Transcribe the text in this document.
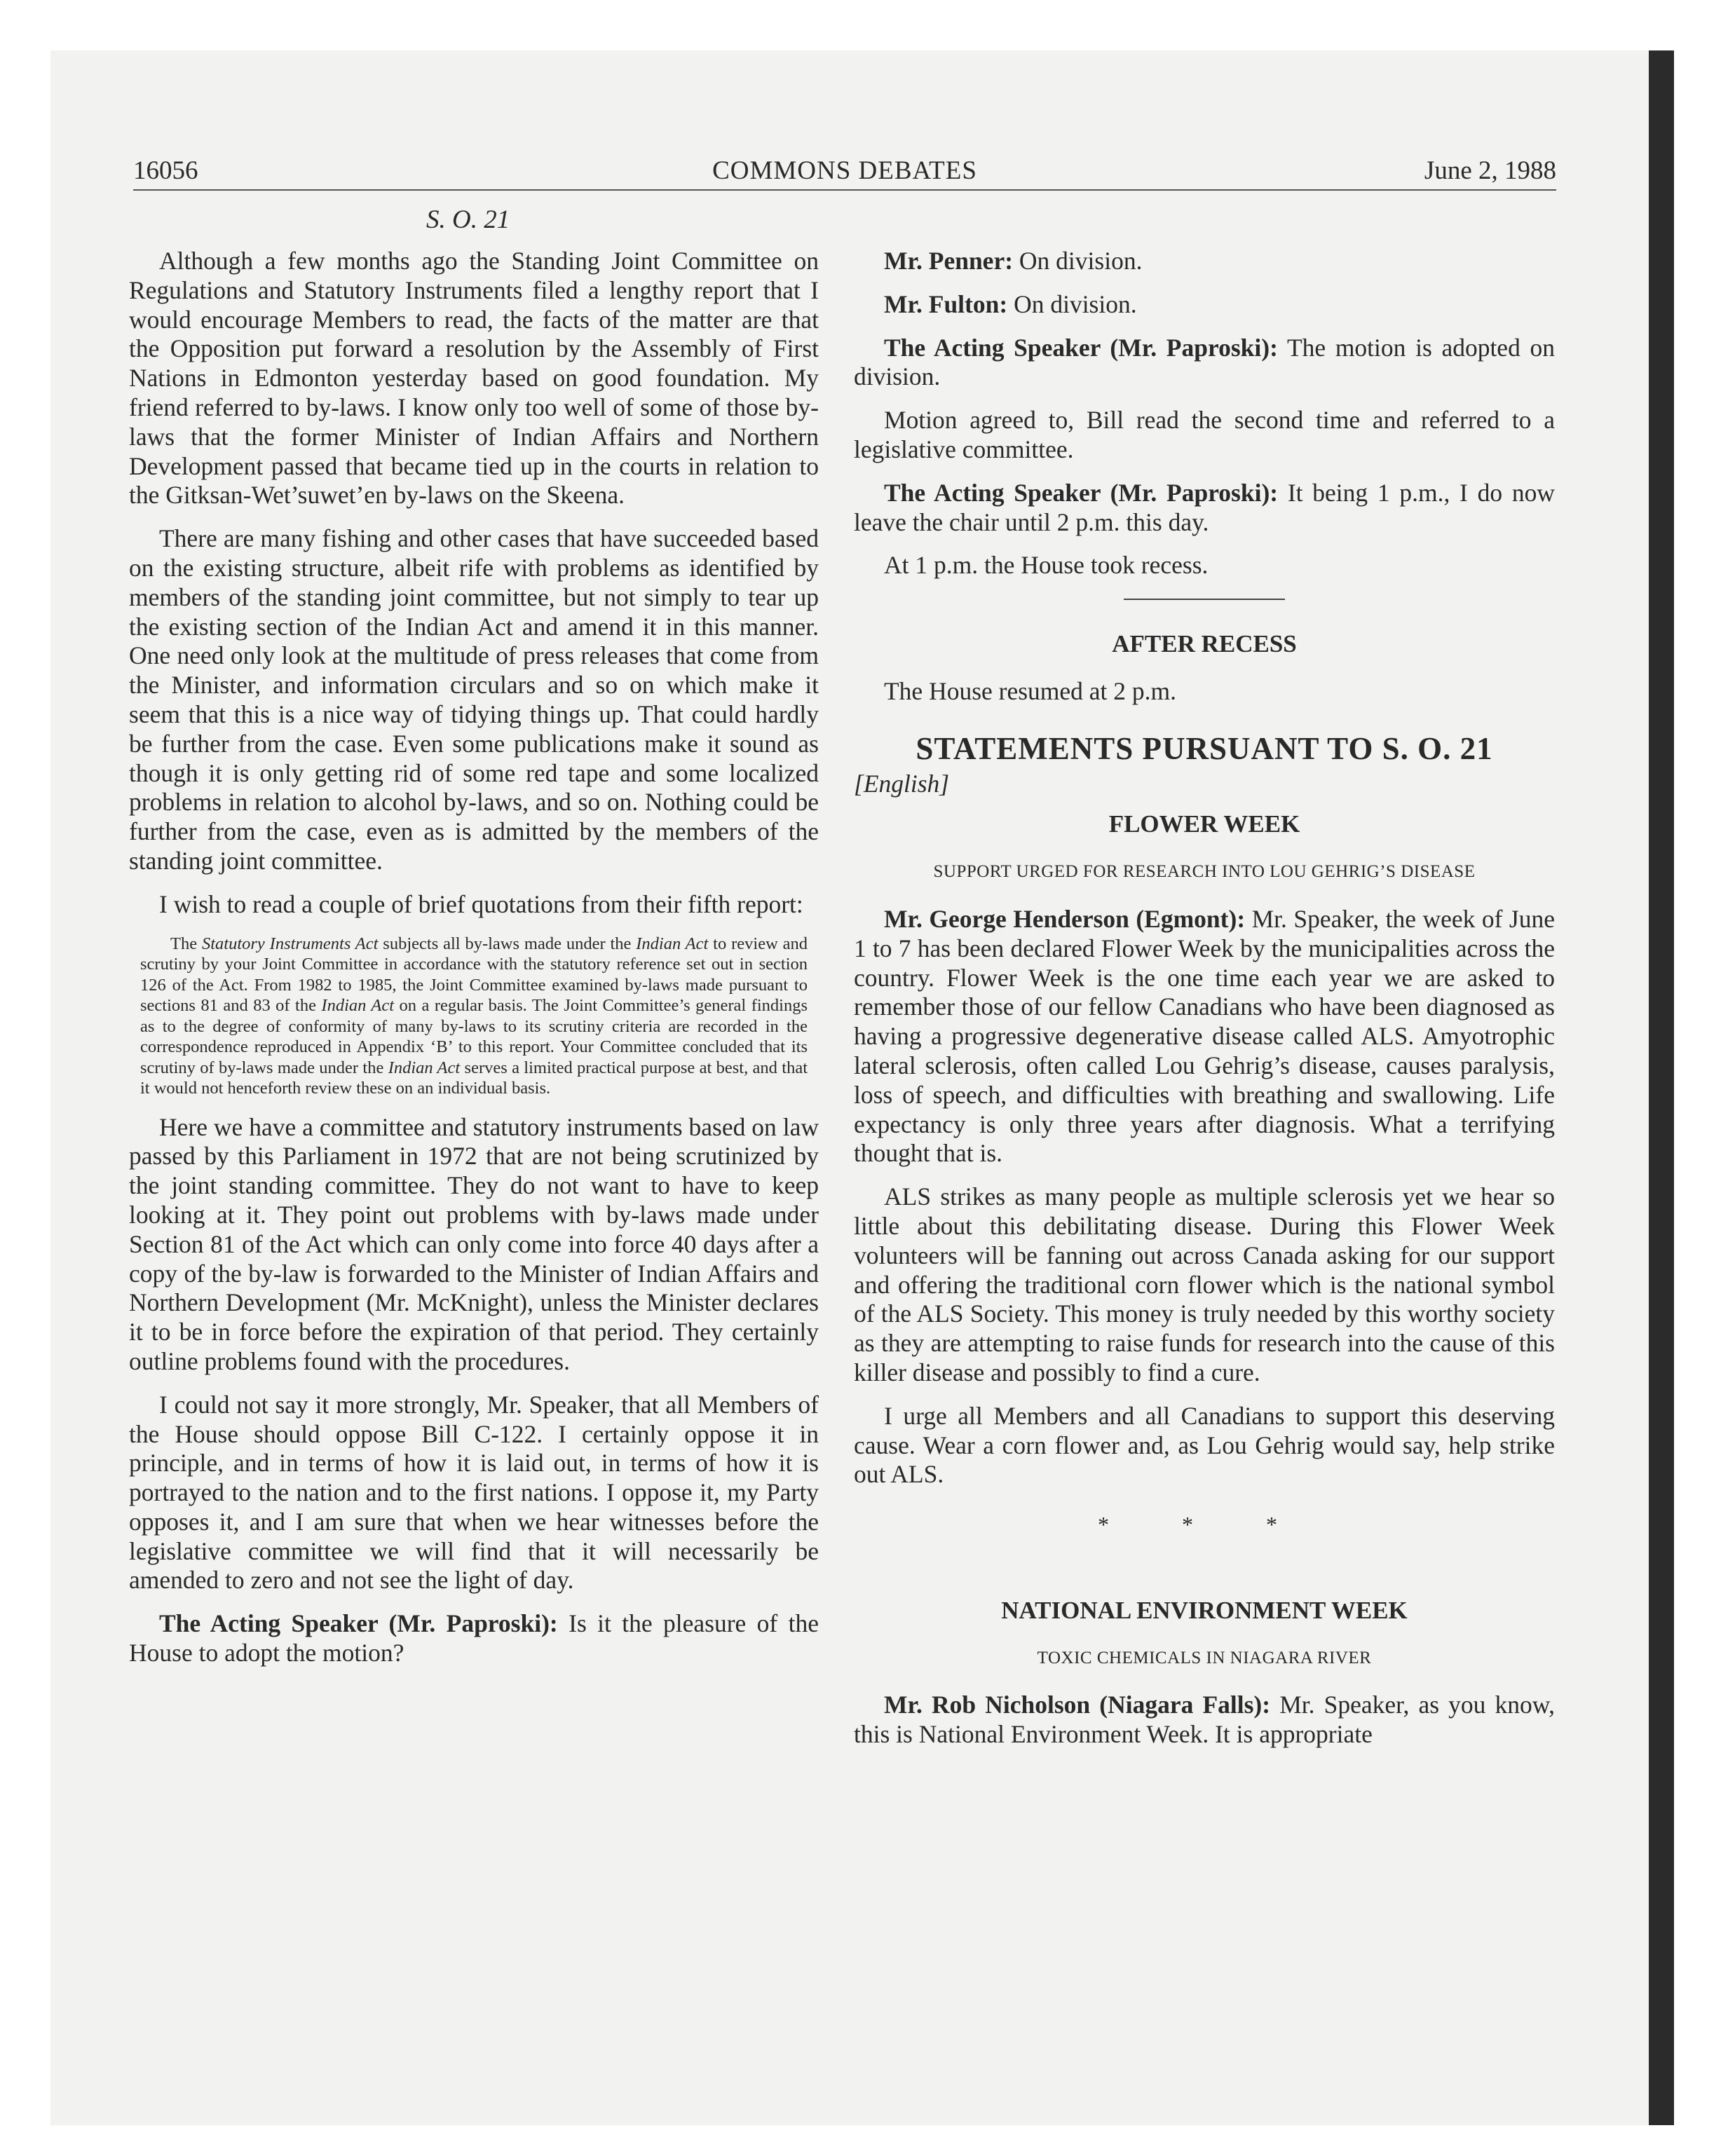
16056	COMMONS DEBATES	June 2, 1988
S. O. 21

Although a few months ago the Standing Joint Committee on Regulations and Statutory Instruments filed a lengthy report that I would encourage Members to read, the facts of the matter are that the Opposition put forward a resolution by the Assembly of First Nations in Edmonton yesterday based on good foundation. My friend referred to by-laws. I know only too well of some of those by-laws that the former Minister of Indian Affairs and Northern Development passed that became tied up in the courts in relation to the Gitksan-Wet’suwet’en by-laws on the Skeena.

There are many fishing and other cases that have succeeded based on the existing structure, albeit rife with problems as identified by members of the standing joint committee, but not simply to tear up the existing section of the Indian Act and amend it in this manner. One need only look at the multitude of press releases that come from the Minister, and information circulars and so on which make it seem that this is a nice way of tidying things up. That could hardly be further from the case. Even some publications make it sound as though it is only getting rid of some red tape and some localized problems in relation to alcohol by-laws, and so on. Nothing could be further from the case, even as is admitted by the members of the standing joint committee.

I wish to read a couple of brief quotations from their fifth report:

The Statutory Instruments Act subjects all by-laws made under the Indian Act to review and scrutiny by your Joint Committee in accordance with the statutory reference set out in section 126 of the Act. From 1982 to 1985, the Joint Committee examined by-laws made pursuant to sections 81 and 83 of the Indian Act on a regular basis. The Joint Committee’s general findings as to the degree of conformity of many by-laws to its scrutiny criteria are recorded in the correspondence reproduced in Appendix ‘B’ to this report. Your Committee concluded that its scrutiny of by-laws made under the Indian Act serves a limited practical purpose at best, and that it would not henceforth review these on an individual basis.

Here we have a committee and statutory instruments based on law passed by this Parliament in 1972 that are not being scrutinized by the joint standing committee. They do not want to have to keep looking at it. They point out problems with by-laws made under Section 81 of the Act which can only come into force 40 days after a copy of the by-law is forwarded to the Minister of Indian Affairs and Northern Development (Mr. McKnight), unless the Minister declares it to be in force before the expiration of that period. They certainly outline problems found with the procedures.

I could not say it more strongly, Mr. Speaker, that all Members of the House should oppose Bill C-122. I certainly oppose it in principle, and in terms of how it is laid out, in terms of how it is portrayed to the nation and to the first nations. I oppose it, my Party opposes it, and I am sure that when we hear witnesses before the legislative committee we will find that it will necessarily be amended to zero and not see the light of day.

The Acting Speaker (Mr. Paproski): Is it the pleasure of the House to adopt the motion?

Mr. Penner: On division.

Mr. Fulton: On division.

The Acting Speaker (Mr. Paproski): The motion is adopted on division.

Motion agreed to, Bill read the second time and referred to a legislative committee.

The Acting Speaker (Mr. Paproski): It being 1 p.m., I do now leave the chair until 2 p.m. this day.

At 1 p.m. the House took recess.

AFTER RECESS

The House resumed at 2 p.m.

STATEMENTS PURSUANT TO S. O. 21
[English]
FLOWER WEEK
SUPPORT URGED FOR RESEARCH INTO LOU GEHRIG’S DISEASE

Mr. George Henderson (Egmont): Mr. Speaker, the week of June 1 to 7 has been declared Flower Week by the municipalities across the country. Flower Week is the one time each year we are asked to remember those of our fellow Canadians who have been diagnosed as having a progressive degenerative disease called ALS. Amyotrophic lateral sclerosis, often called Lou Gehrig’s disease, causes paralysis, loss of speech, and difficulties with breathing and swallowing. Life expectancy is only three years after diagnosis. What a terrifying thought that is.

ALS strikes as many people as multiple sclerosis yet we hear so little about this debilitating disease. During this Flower Week volunteers will be fanning out across Canada asking for our support and offering the traditional corn flower which is the national symbol of the ALS Society. This money is truly needed by this worthy society as they are attempting to raise funds for research into the cause of this killer disease and possibly to find a cure.

I urge all Members and all Canadians to support this deserving cause. Wear a corn flower and, as Lou Gehrig would say, help strike out ALS.

* * *
NATIONAL ENVIRONMENT WEEK
TOXIC CHEMICALS IN NIAGARA RIVER

Mr. Rob Nicholson (Niagara Falls): Mr. Speaker, as you know, this is National Environment Week. It is appropriate
